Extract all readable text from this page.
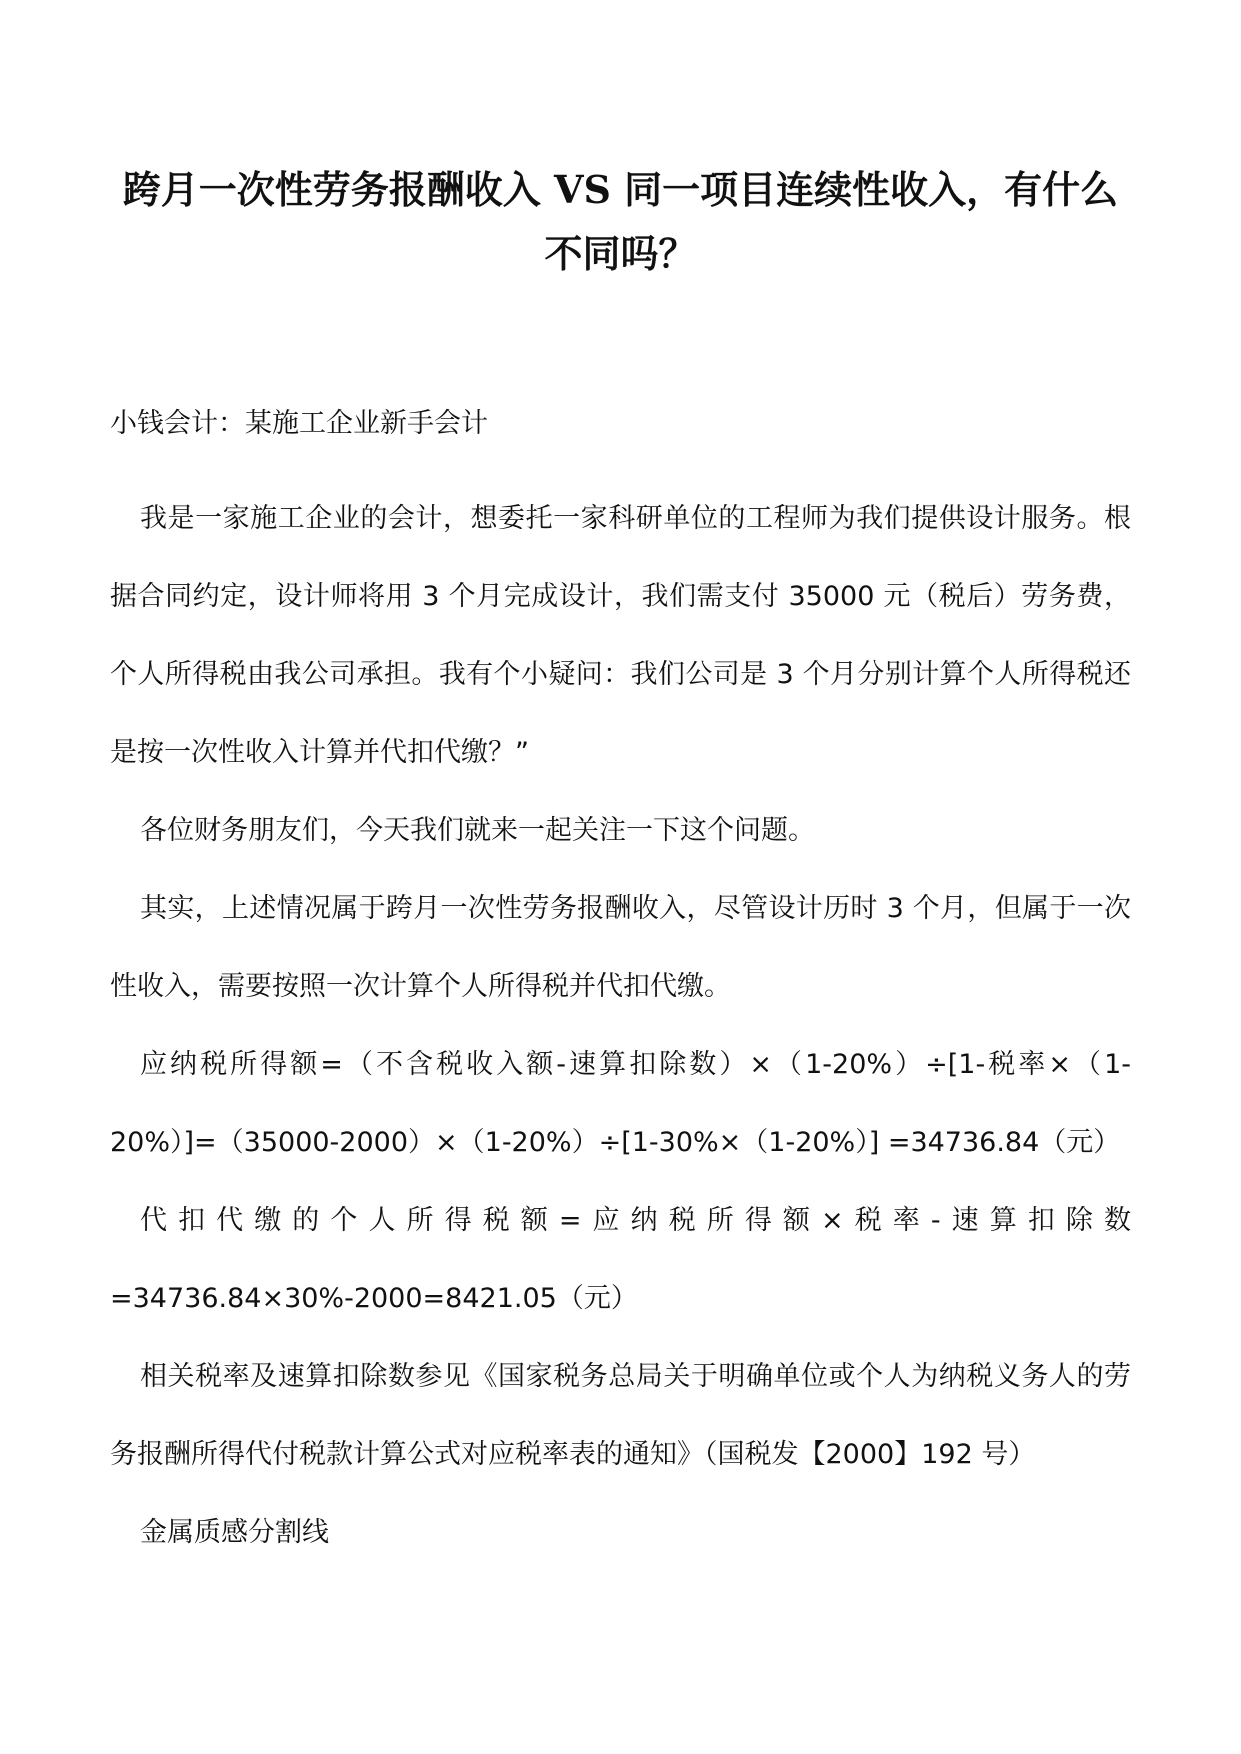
跨月一次性劳务报酬收入 VS 同一项目连续性收入，有什么不同吗？

小钱会计：某施工企业新手会计

我是一家施工企业的会计，想委托一家科研单位的工程师为我们提供设计服务。根据合同约定，设计师将用 3 个月完成设计，我们需支付 35000 元（税后）劳务费，个人所得税由我公司承担。我有个小疑问：我们公司是 3 个月分别计算个人所得税还是按一次性收入计算并代扣代缴？”

各位财务朋友们，今天我们就来一起关注一下这个问题。

其实，上述情况属于跨月一次性劳务报酬收入，尽管设计历时 3 个月，但属于一次性收入，需要按照一次计算个人所得税并代扣代缴。

应纳税所得额=（不含税收入额-速算扣除数）×（1-20%）÷[1-税率×（1-20%）]=（35000-2000）×（1-20%）÷[1-30%×（1-20%）] =34736.84（元）

代扣代缴的个人所得税额=应纳税所得额×税率-速算扣除数=34736.84×30%-2000=8421.05（元）

相关税率及速算扣除数参见《国家税务总局关于明确单位或个人为纳税义务人的劳务报酬所得代付税款计算公式对应税率表的通知》（国税发【2000】192 号）

金属质感分割线
